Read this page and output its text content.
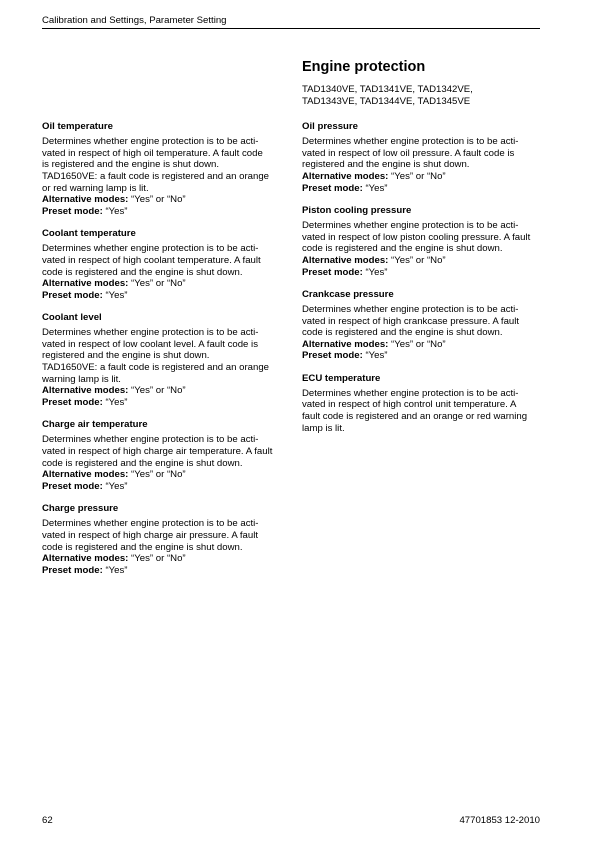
Calibration and Settings, Parameter Setting
Engine protection
TAD1340VE, TAD1341VE, TAD1342VE,
TAD1343VE, TAD1344VE, TAD1345VE
Oil temperature

Determines whether engine protection is to be acti-
vated in respect of high oil temperature. A fault code
is registered and the engine is shut down.
TAD1650VE: a fault code is registered and an orange
or red warning lamp is lit.

Alternative modes: “Yes” or “No”
Preset mode: “Yes”
Coolant temperature

Determines whether engine protection is to be acti-
vated in respect of high coolant temperature. A fault
code is registered and the engine is shut down.

Alternative modes: “Yes” or “No”
Preset mode: “Yes”
Coolant level

Determines whether engine protection is to be acti-
vated in respect of low coolant level. A fault code is
registered and the engine is shut down.
TAD1650VE: a fault code is registered and an orange
warning lamp is lit.

Alternative modes: “Yes” or “No”
Preset mode: “Yes”
Charge air temperature

Determines whether engine protection is to be acti-
vated in respect of high charge air temperature. A fault
code is registered and the engine is shut down.

Alternative modes: “Yes” or “No”
Preset mode: “Yes”
Charge pressure

Determines whether engine protection is to be acti-
vated in respect of high charge air pressure. A fault
code is registered and the engine is shut down.

Alternative modes: “Yes” or “No”
Preset mode: “Yes”
Oil pressure

Determines whether engine protection is to be acti-
vated in respect of low oil pressure. A fault code is
registered and the engine is shut down.

Alternative modes: “Yes” or “No”
Preset mode: “Yes”
Piston cooling pressure

Determines whether engine protection is to be acti-
vated in respect of low piston cooling pressure. A fault
code is registered and the engine is shut down.

Alternative modes: “Yes” or “No”
Preset mode: “Yes”
Crankcase pressure

Determines whether engine protection is to be acti-
vated in respect of high crankcase pressure. A fault
code is registered and the engine is shut down.

Alternative modes: “Yes” or “No”
Preset mode: “Yes”
ECU temperature

Determines whether engine protection is to be acti-
vated in respect of high control unit temperature. A
fault code is registered and an orange or red warning
lamp is lit.

62	47701853 12-2010
